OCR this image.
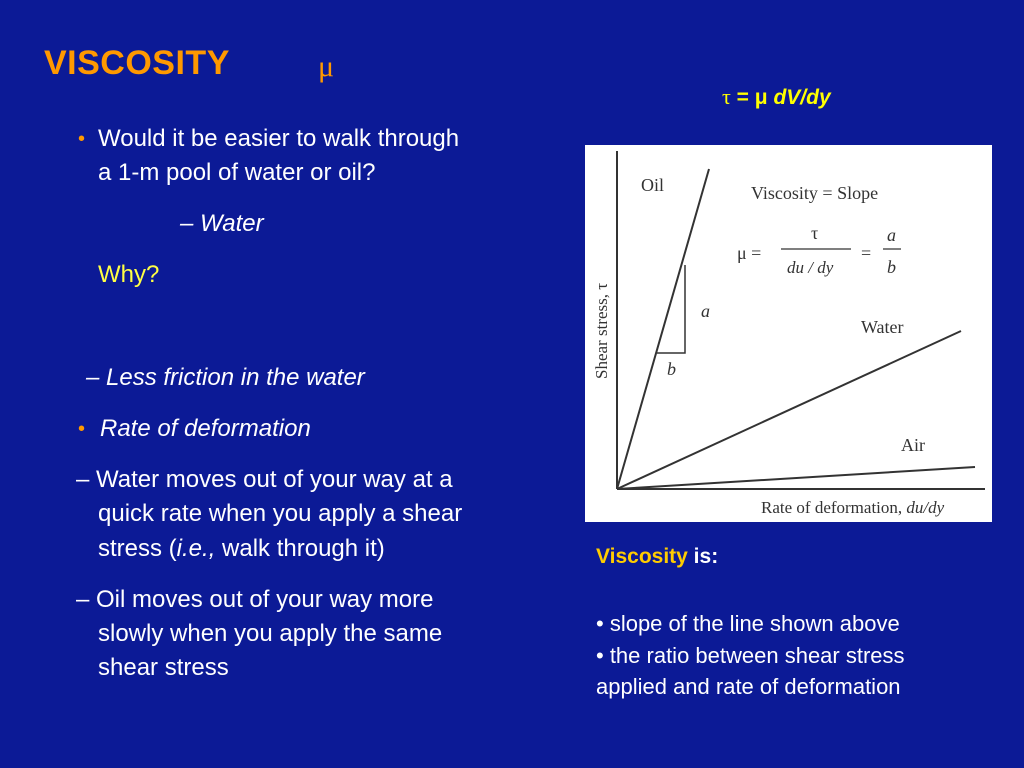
VISCOSITY	μ
τ = μ dV/dy
• Would it be easier to walk through
a 1-m pool of water or oil?
– Water
Why?
– Less friction in the water
• Rate of deformation
– Water moves out of your way at a
quick rate when you apply a shear
stress (i.e., walk through it)
– Oil moves out of your way more
slowly when you apply the same
shear stress
Oil
Water
Air
Viscosity = Slope
μ =
τ
du / dy
=
a
b
a
b
Shear stress, τ
Rate of deformation, du/dy
Viscosity is:
• slope of the line shown above
• the ratio between shear stress
applied and rate of deformation
